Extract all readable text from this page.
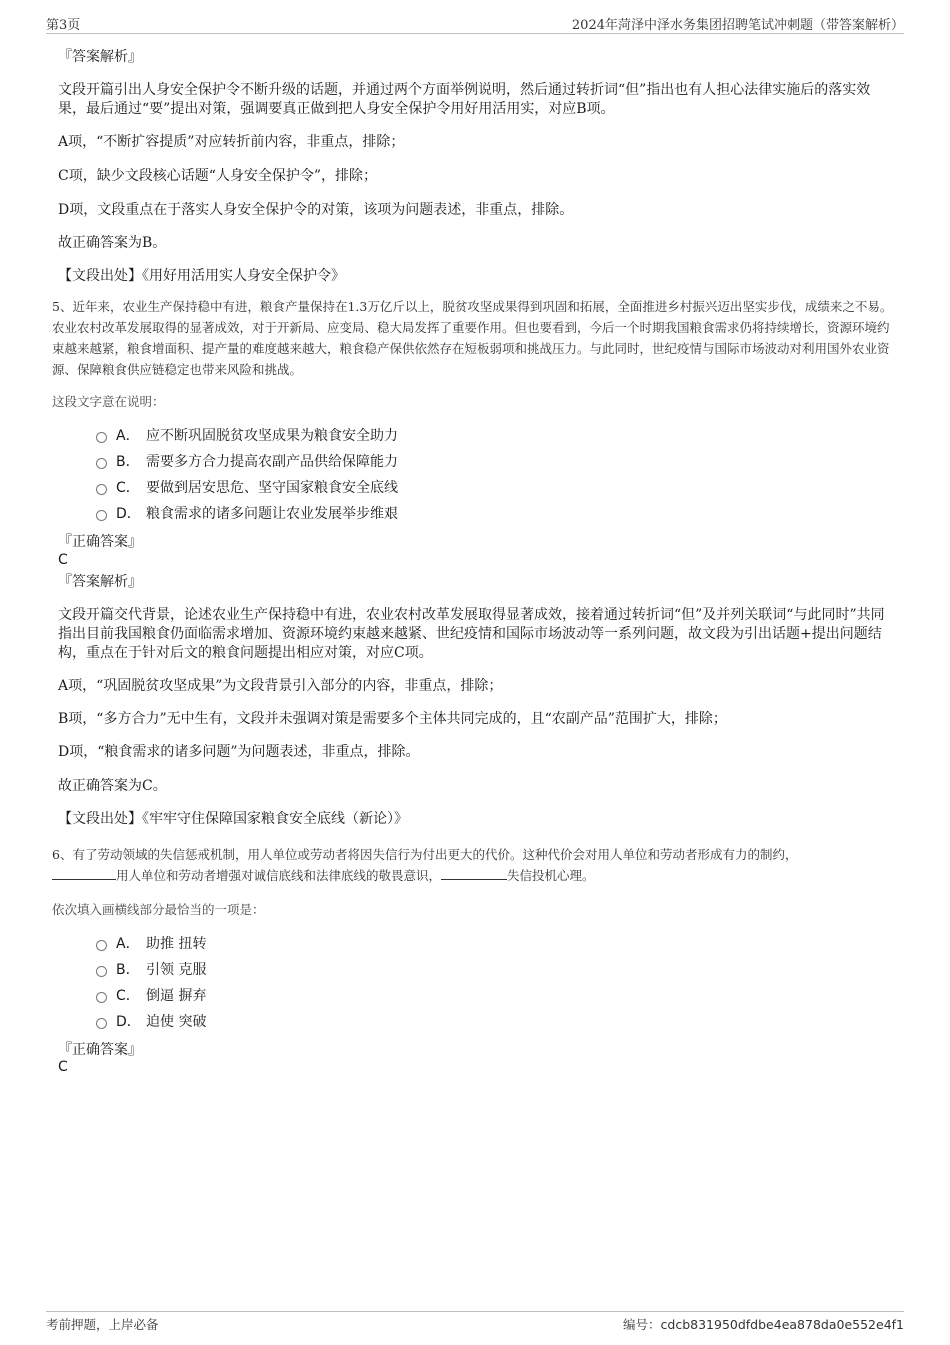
第3页	2024年菏泽中泽水务集团招聘笔试冲刺题（带答案解析）

『答案解析』

文段开篇引出人身安全保护令不断升级的话题，并通过两个方面举例说明，然后通过转折词“但”指出也有人担心法律实施后的落实效果，最后通过“要”提出对策，强调要真正做到把人身安全保护令用好用活用实，对应B项。

A项，“不断扩容提质”对应转折前内容，非重点，排除；

C项，缺少文段核心话题“人身安全保护令”，排除；

D项，文段重点在于落实人身安全保护令的对策，该项为问题表述，非重点，排除。

故正确答案为B。

【文段出处】《用好用活用实人身安全保护令》

5、近年来，农业生产保持稳中有进，粮食产量保持在1.3万亿斤以上，脱贫攻坚成果得到巩固和拓展，全面推进乡村振兴迈出坚实步伐，成绩来之不易。农业农村改革发展取得的显著成效，对于开新局、应变局、稳大局发挥了重要作用。但也要看到，今后一个时期我国粮食需求仍将持续增长，资源环境约束越来越紧，粮食增面积、提产量的难度越来越大，粮食稳产保供依然存在短板弱项和挑战压力。与此同时，世纪疫情与国际市场波动对利用国外农业资源、保障粮食供应链稳定也带来风险和挑战。

这段文字意在说明：

A． 应不断巩固脱贫攻坚成果为粮食安全助力
B． 需要多方合力提高农副产品供给保障能力
C． 要做到居安思危、坚守国家粮食安全底线
D． 粮食需求的诸多问题让农业发展举步维艰

『正确答案』

C

『答案解析』

文段开篇交代背景，论述农业生产保持稳中有进，农业农村改革发展取得显著成效，接着通过转折词“但”及并列关联词“与此同时”共同指出目前我国粮食仍面临需求增加、资源环境约束越来越紧、世纪疫情和国际市场波动等一系列问题，故文段为引出话题+提出问题结构，重点在于针对后文的粮食问题提出相应对策，对应C项。

A项，“巩固脱贫攻坚成果”为文段背景引入部分的内容，非重点，排除；

B项，“多方合力”无中生有，文段并未强调对策是需要多个主体共同完成的，且“农副产品”范围扩大，排除；

D项，“粮食需求的诸多问题”为问题表述，非重点，排除。

故正确答案为C。

【文段出处】《牢牢守住保障国家粮食安全底线（新论）》

6、有了劳动领域的失信惩戒机制，用人单位或劳动者将因失信行为付出更大的代价。这种代价会对用人单位和劳动者形成有力的制约，
用人单位和劳动者增强对诚信底线和法律底线的敬畏意识，	失信投机心理。

依次填入画横线部分最恰当的一项是：

A． 助推 扭转
B． 引领 克服
C． 倒逼 摒弃
D． 迫使 突破

『正确答案』

C

考前押题，上岸必备	编号：cdcb831950dfdbe4ea878da0e552e4f1
